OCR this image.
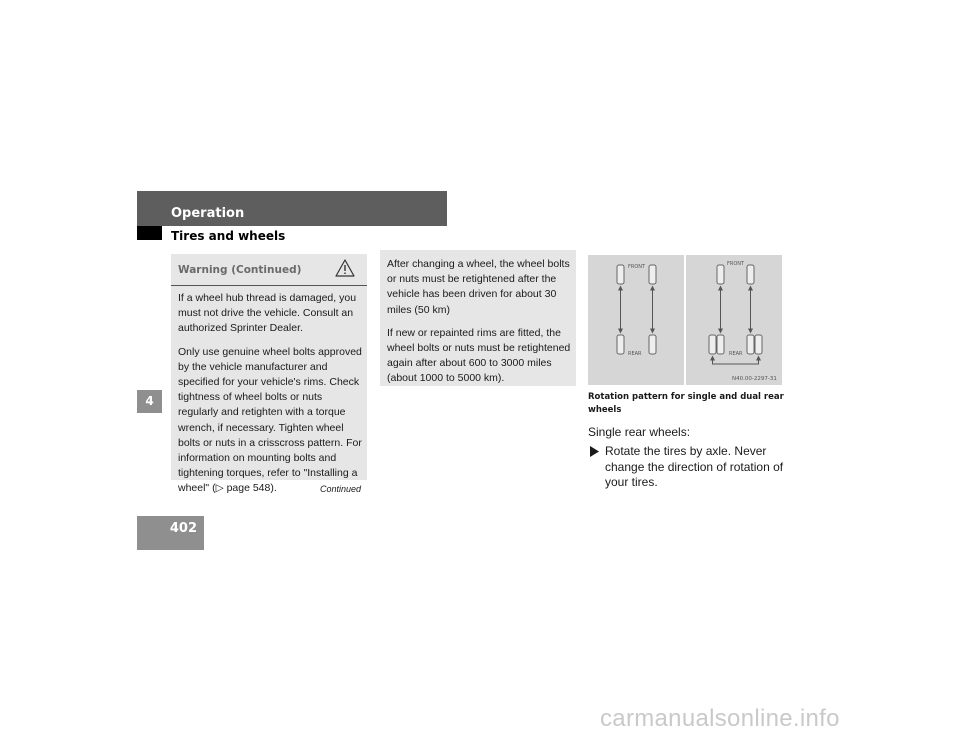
Operation
Tires and wheels
4
402
Warning (Continued)

If a wheel hub thread is damaged, you must not drive the vehicle. Consult an authorized Sprinter Dealer.

Only use genuine wheel bolts approved by the vehicle manufacturer and specified for your vehicle's rims. Check tightness of wheel bolts or nuts regularly and retighten with a torque wrench, if necessary. Tighten wheel bolts or nuts in a crisscross pattern. For information on mounting bolts and tightening torques, refer to "Installing a wheel" (▷ page 548).	Continued

After changing a wheel, the wheel bolts or nuts must be retightened after the vehicle has been driven for about 30 miles (50 km)

If new or repainted rims are fitted, the wheel bolts or nuts must be retightened again after about 600 to 3000 miles (about 1000 to 5000 km).

FRONT
REAR
FRONT
REAR
N40.00-2297-31
Rotation pattern for single and dual rear wheels
Single rear wheels:
Rotate the tires by axle. Never change the direction of rotation of your tires.
carmanualsonline.info
